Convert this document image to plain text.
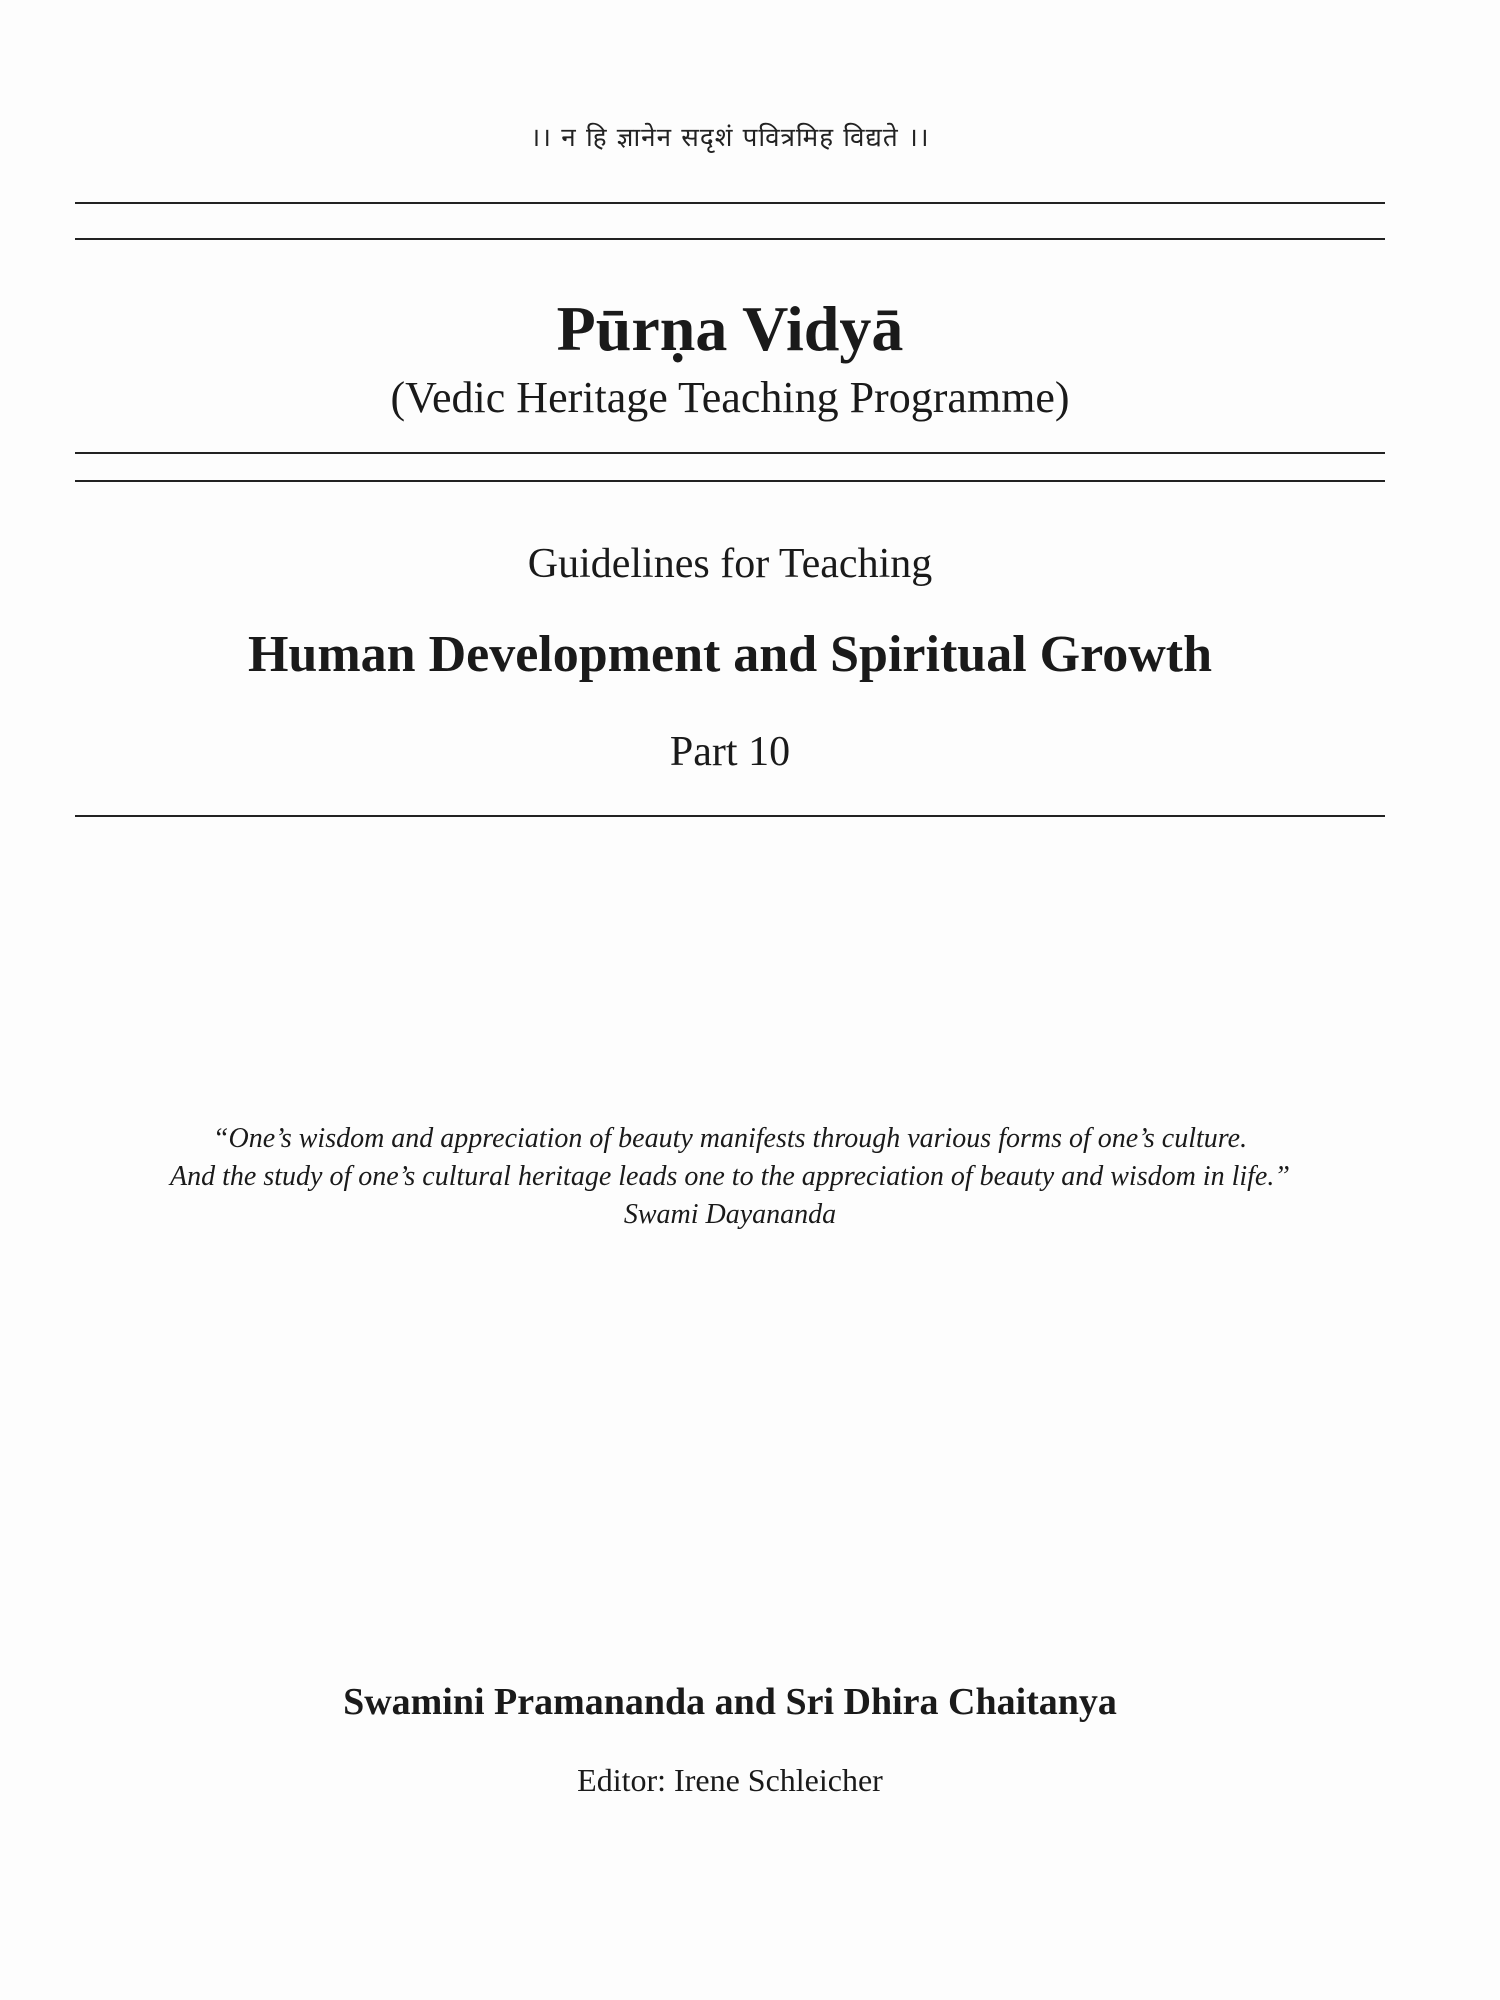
।। न हि ज्ञानेन सदृशं पवित्रमिह विद्यते ।।
Pūrṇa Vidyā
(Vedic Heritage Teaching Programme)
Guidelines for Teaching
Human Development and Spiritual Growth
Part 10
“One’s wisdom and appreciation of beauty manifests through various forms of one’s culture.
And the study of one’s cultural heritage leads one to the appreciation of beauty and wisdom in life.”
Swami Dayananda
Swamini Pramananda and Sri Dhira Chaitanya
Editor: Irene Schleicher
